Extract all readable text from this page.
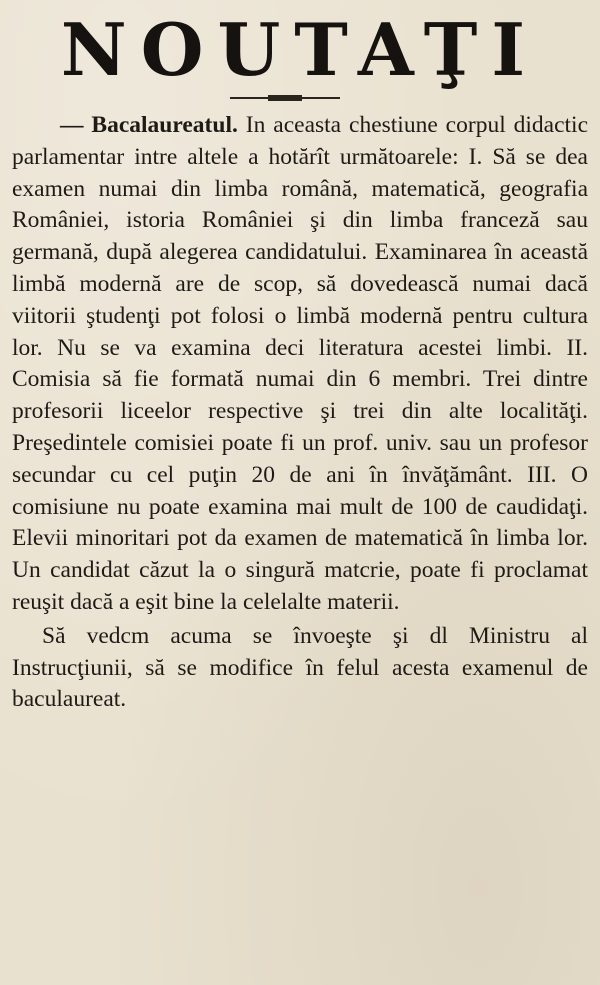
NOUTAŢI

— Bacalaureatul. In aceasta chestiune corpul didactic parlamentar intre altele a hotărît următoarele: I. Să se dea examen numai din limba română, matematică, geografia României, istoria României şi din limba franceză sau germană, după alegerea candidatului. Examinarea în această limbă modernă are de scop, să dovedească numai dacă viitorii ştudenţi pot folosi o limbă modernă pentru cultura lor. Nu se va examina deci literatura acestei limbi. II. Comisia să fie formată numai din 6 membri. Trei dintre profesorii liceelor respective şi trei din alte localităţi. Preşedintele comisiei poate fi un prof. univ. sau un profesor secundar cu cel puţin 20 de ani în învăţământ. III. O comisiune nu poate examina mai mult de 100 de caudidaţi. Elevii minoritari pot da examen de matematică în limba lor. Un candidat căzut la o singură matcrie, poate fi proclamat reuşit dacă a eşit bine la celelalte materii.

Să vedcm acuma se învoeşte şi dl Ministru al Instrucţiunii, să se modifice în felul acesta examenul de baculaureat.
